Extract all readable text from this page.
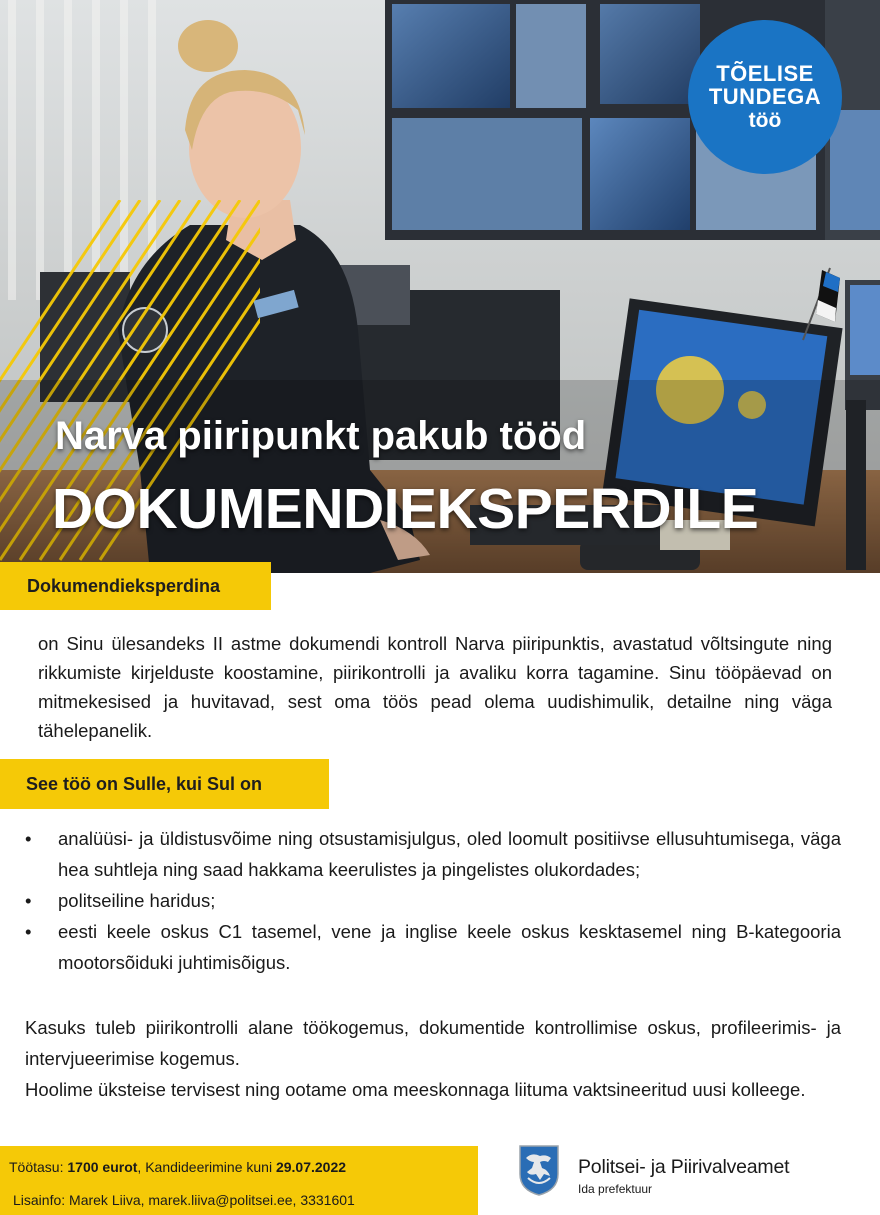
TÕELISE
TUNDEGA
töö
Narva piiripunkt pakub tööd
DOKUMENDIEKSPERDILE
Dokumendieksperdina

on Sinu ülesandeks II astme dokumendi kontroll Narva piiripunktis, avastatud võltsingute ning rikkumiste kirjelduste koostamine, piirikontrolli ja avaliku korra tagamine. Sinu tööpäevad on mitmekesised ja huvitavad, sest oma töös pead olema uudishimulik, detailne ning väga tähelepanelik.

See töö on Sulle, kui Sul on
• analüüsi- ja üldistusvõime ning otsustamisjulgus, oled loomult positiivse ellusuhtumisega, väga hea suhtleja ning saad hakkama keerulistes ja pingelistes olukordades;
• politseiline haridus;
• eesti keele oskus C1 tasemel, vene ja inglise keele oskus kesktasemel ning B-kategooria mootorsõiduki juhtimisõigus.

Kasuks tuleb piirikontrolli alane töökogemus, dokumentide kontrollimise oskus, profileerimis- ja intervjueerimise kogemus.

Hoolime üksteise tervisest ning ootame oma meeskonnaga liituma vaktsineeritud uusi kolleege.

Töötasu: 1700 eurot, Kandideerimine kuni 29.07.2022
Lisainfo: Marek Liiva, marek.liiva@politsei.ee, 3331601
Politsei- ja Piirivalveamet
Ida prefektuur
